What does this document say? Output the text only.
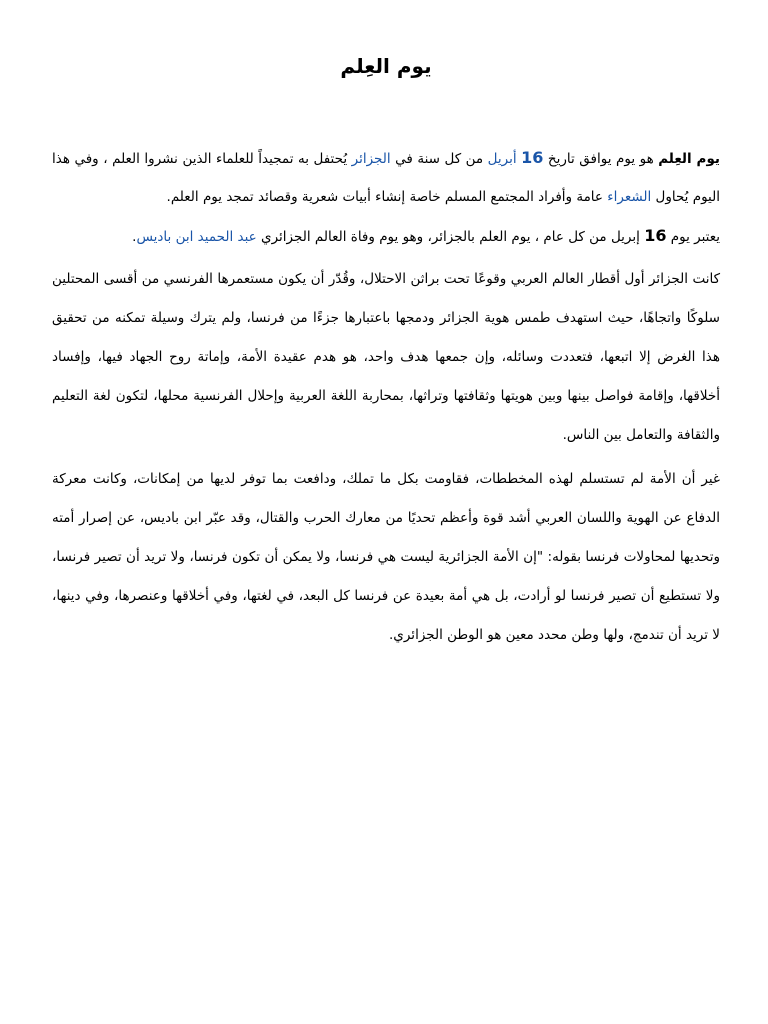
يوم العِلم

يوم العِلم هو يوم يوافق تاريخ 16 أبريل من كل سنة في الجزائر يُحتفل به تمجيداً للعلماء الذين نشروا العلم ، وفي هذا اليوم يُحاول الشعراء عامة وأفراد المجتمع المسلم خاصة إنشاء أبيات شعرية وقصائد تمجد يوم العلم.

يعتبر يوم 16 إبريل من كل عام ، يوم العلم بالجزائر، وهو يوم وفاة العالم الجزائري عبد الحميد ابن باديس.

كانت الجزائر أول أقطار العالم العربي وقوعًا تحت براثن الاحتلال، وقُدّر أن يكون مستعمرها الفرنسي من أقسى المحتلين سلوكًا واتجاهًا، حيث استهدف طمس هوية الجزائر ودمجها باعتبارها جزءًا من فرنسا، ولم يترك وسيلة تمكنه من تحقيق هذا الغرض إلا اتبعها، فتعددت وسائله، وإن جمعها هدف واحد، هو هدم عقيدة الأمة، وإماتة روح الجهاد فيها، وإفساد أخلاقها، وإقامة فواصل بينها وبين هويتها وثقافتها وتراثها، بمحاربة اللغة العربية وإحلال الفرنسية محلها، لتكون لغة التعليم والثقافة والتعامل بين الناس.

غير أن الأمة لم تستسلم لهذه المخططات، فقاومت بكل ما تملك، ودافعت بما توفر لديها من إمكانات، وكانت معركة الدفاع عن الهوية واللسان العربي أشد قوة وأعظم تحديًا من معارك الحرب والقتال، وقد عبّر ابن باديس، عن إصرار أمته وتحديها لمحاولات فرنسا بقوله: "إن الأمة الجزائرية ليست هي فرنسا، ولا يمكن أن تكون فرنسا، ولا تريد أن تصير فرنسا، ولا تستطيع أن تصير فرنسا لو أرادت، بل هي أمة بعيدة عن فرنسا كل البعد، في لغتها، وفي أخلاقها وعنصرها، وفي دينها، لا تريد أن تندمج، ولها وطن محدد معين هو الوطن الجزائري.
